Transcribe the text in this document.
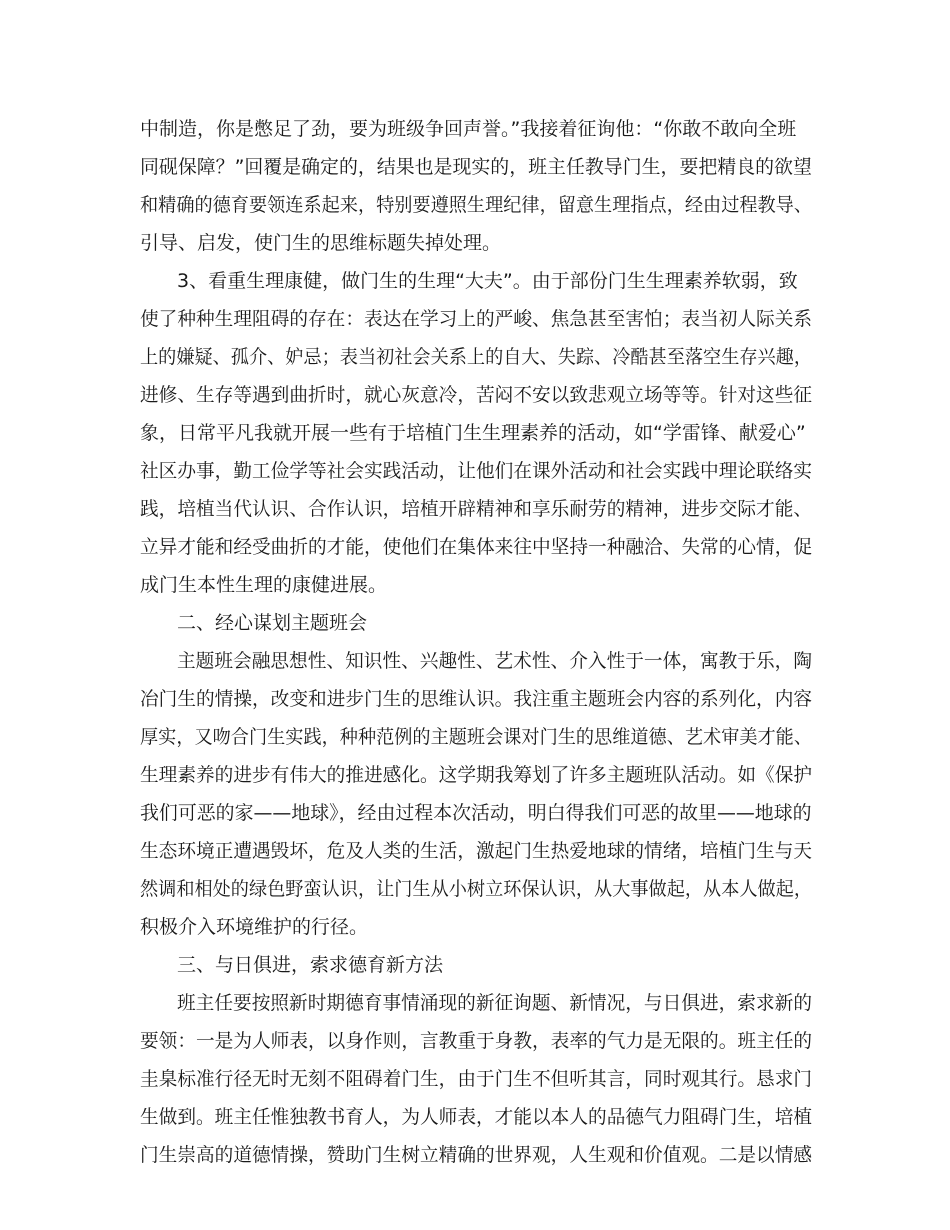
中制造，你是憋足了劲，要为班级争回声誉。”我接着征询他：“你敢不敢向全班
同砚保障？”回覆是确定的，结果也是现实的，班主任教导门生，要把精良的欲望
和精确的德育要领连系起来，特别要遵照生理纪律，留意生理指点，经由过程教导、
引导、启发，使门生的思维标题失掉处理。
3、看重生理康健，做门生的生理“大夫”。由于部份门生生理素养软弱，致
使了种种生理阻碍的存在：表达在学习上的严峻、焦急甚至害怕；表当初人际关系
上的嫌疑、孤介、妒忌；表当初社会关系上的自大、失踪、冷酷甚至落空生存兴趣，
进修、生存等遇到曲折时，就心灰意冷，苦闷不安以致悲观立场等等。针对这些征
象，日常平凡我就开展一些有于培植门生生理素养的活动，如“学雷锋、献爱心”
社区办事，勤工俭学等社会实践活动，让他们在课外活动和社会实践中理论联络实
践，培植当代认识、合作认识，培植开辟精神和享乐耐劳的精神，进步交际才能、
立异才能和经受曲折的才能，使他们在集体来往中坚持一种融洽、失常的心情，促
成门生本性生理的康健进展。
二、经心谋划主题班会
主题班会融思想性、知识性、兴趣性、艺术性、介入性于一体，寓教于乐，陶
冶门生的情操，改变和进步门生的思维认识。我注重主题班会内容的系列化，内容
厚实，又吻合门生实践，种种范例的主题班会课对门生的思维道德、艺术审美才能、
生理素养的进步有伟大的推进感化。这学期我筹划了许多主题班队活动。如《保护
我们可恶的家——地球》，经由过程本次活动，明白得我们可恶的故里——地球的
生态环境正遭遇毁坏，危及人类的生活，激起门生热爱地球的情绪，培植门生与天
然调和相处的绿色野蛮认识，让门生从小树立环保认识，从大事做起，从本人做起，
积极介入环境维护的行径。
三、与日俱进，索求德育新方法
班主任要按照新时期德育事情涌现的新征询题、新情况，与日俱进，索求新的
要领：一是为人师表，以身作则，言教重于身教，表率的气力是无限的。班主任的
圭臬标准行径无时无刻不阻碍着门生，由于门生不但听其言，同时观其行。恳求门
生做到。班主任惟独教书育人，为人师表，才能以本人的品德气力阻碍门生，培植
门生崇高的道德情操，赞助门生树立精确的世界观，人生观和价值观。二是以情感
